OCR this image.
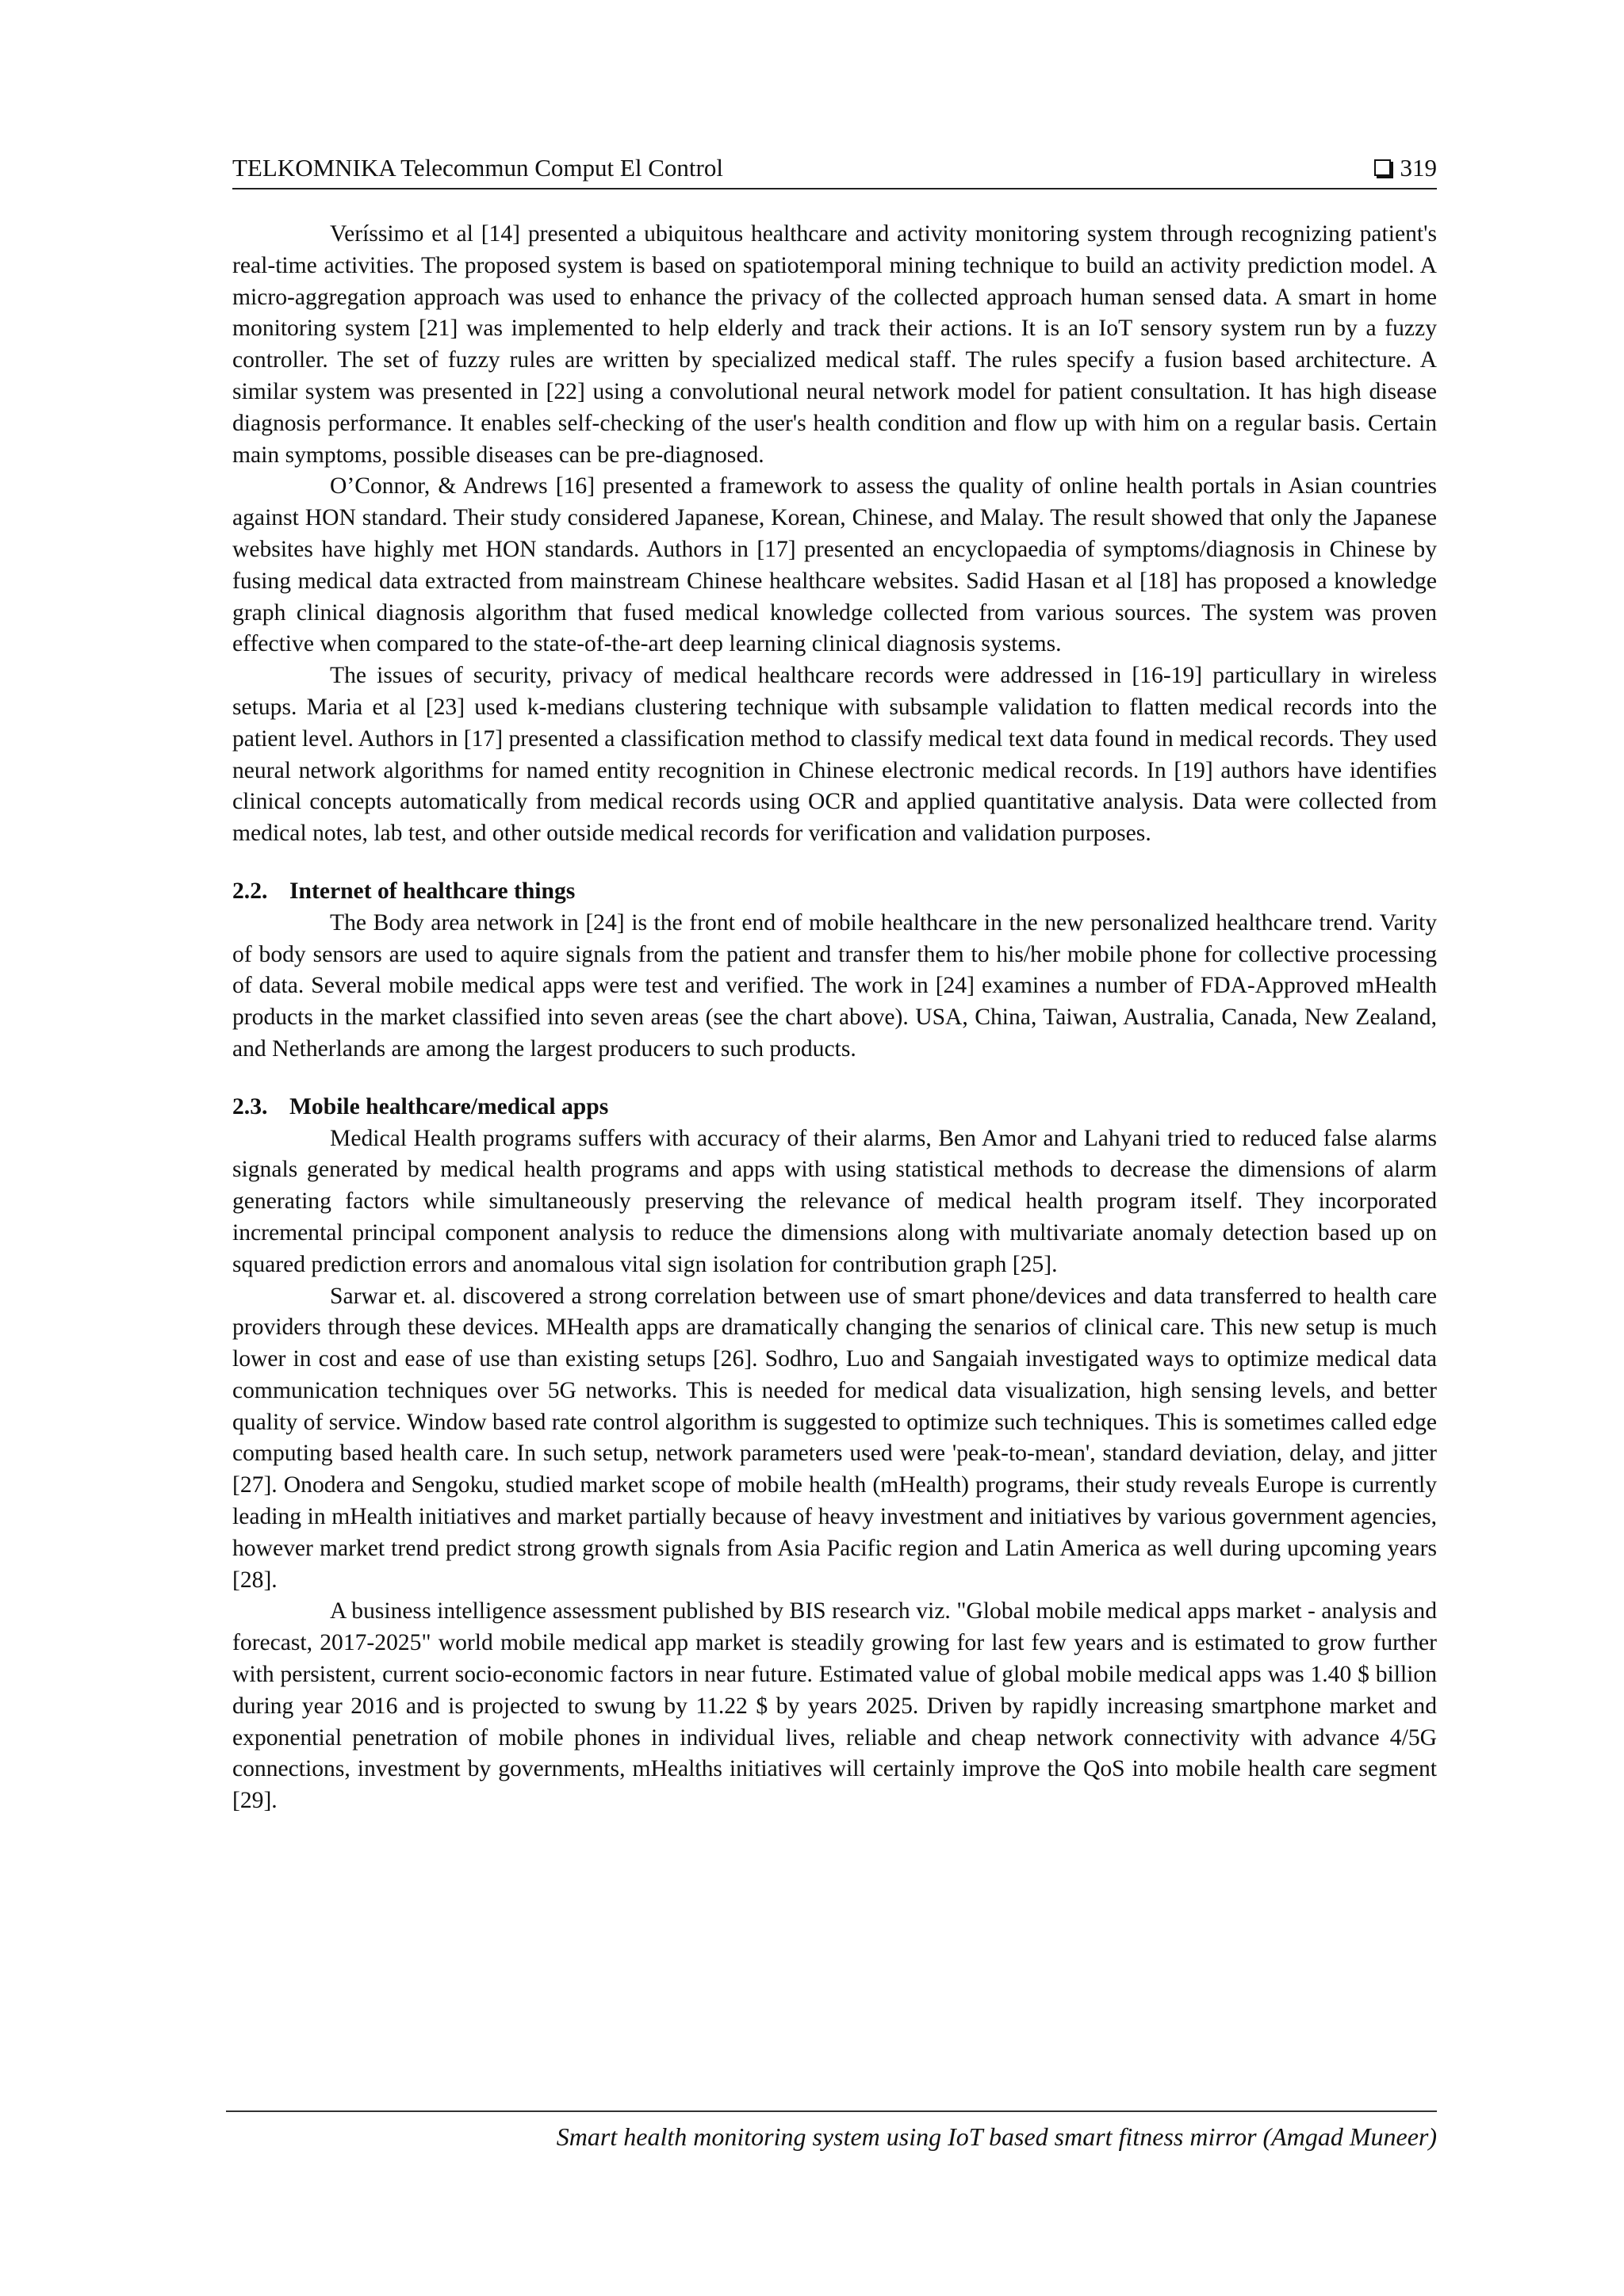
TELKOMNIKA Telecommun Comput El Control	319

Veríssimo et al [14] presented a ubiquitous healthcare and activity monitoring system through recognizing patient's real-time activities. The proposed system is based on spatiotemporal mining technique to build an activity prediction model. A micro-aggregation approach was used to enhance the privacy of the collected approach human sensed data. A smart in home monitoring system [21] was implemented to help elderly and track their actions. It is an IoT sensory system run by a fuzzy controller. The set of fuzzy rules are written by specialized medical staff. The rules specify a fusion based architecture. A similar system was presented in [22] using a convolutional neural network model for patient consultation. It has high disease diagnosis performance. It enables self-checking of the user's health condition and flow up with him on a regular basis. Certain main symptoms, possible diseases can be pre-diagnosed.

O’Connor, & Andrews [16] presented a framework to assess the quality of online health portals in Asian countries against HON standard. Their study considered Japanese, Korean, Chinese, and Malay. The result showed that only the Japanese websites have highly met HON standards. Authors in [17] presented an encyclopaedia of symptoms/diagnosis in Chinese by fusing medical data extracted from mainstream Chinese healthcare websites. Sadid Hasan et al [18] has proposed a knowledge graph clinical diagnosis algorithm that fused medical knowledge collected from various sources. The system was proven effective when compared to the state-of-the-art deep learning clinical diagnosis systems.

The issues of security, privacy of medical healthcare records were addressed in [16-19] particullary in wireless setups. Maria et al [23] used k-medians clustering technique with subsample validation to flatten medical records into the patient level. Authors in [17] presented a classification method to classify medical text data found in medical records. They used neural network algorithms for named entity recognition in Chinese electronic medical records. In [19] authors have identifies clinical concepts automatically from medical records using OCR and applied quantitative analysis. Data were collected from medical notes, lab test, and other outside medical records for verification and validation purposes.

2.2. Internet of healthcare things

The Body area network in [24] is the front end of mobile healthcare in the new personalized healthcare trend. Varity of body sensors are used to aquire signals from the patient and transfer them to his/her mobile phone for collective processing of data. Several mobile medical apps were test and verified. The work in [24] examines a number of FDA-Approved mHealth products in the market classified into seven areas (see the chart above). USA, China, Taiwan, Australia, Canada, New Zealand, and Netherlands are among the largest producers to such products.

2.3. Mobile healthcare/medical apps

Medical Health programs suffers with accuracy of their alarms, Ben Amor and Lahyani tried to reduced false alarms signals generated by medical health programs and apps with using statistical methods to decrease the dimensions of alarm generating factors while simultaneously preserving the relevance of medical health program itself. They incorporated incremental principal component analysis to reduce the dimensions along with multivariate anomaly detection based up on squared prediction errors and anomalous vital sign isolation for contribution graph [25].

Sarwar et. al. discovered a strong correlation between use of smart phone/devices and data transferred to health care providers through these devices. MHealth apps are dramatically changing the senarios of clinical care. This new setup is much lower in cost and ease of use than existing setups [26]. Sodhro, Luo and Sangaiah investigated ways to optimize medical data communication techniques over 5G networks. This is needed for medical data visualization, high sensing levels, and better quality of service. Window based rate control algorithm is suggested to optimize such techniques. This is sometimes called edge computing based health care. In such setup, network parameters used were 'peak-to-mean', standard deviation, delay, and jitter [27]. Onodera and Sengoku, studied market scope of mobile health (mHealth) programs, their study reveals Europe is currently leading in mHealth initiatives and market partially because of heavy investment and initiatives by various government agencies, however market trend predict strong growth signals from Asia Pacific region and Latin America as well during upcoming years [28].

A business intelligence assessment published by BIS research viz. "Global mobile medical apps market - analysis and forecast, 2017-2025" world mobile medical app market is steadily growing for last few years and is estimated to grow further with persistent, current socio-economic factors in near future. Estimated value of global mobile medical apps was 1.40 $ billion during year 2016 and is projected to swung by 11.22 $ by years 2025. Driven by rapidly increasing smartphone market and exponential penetration of mobile phones in individual lives, reliable and cheap network connectivity with advance 4/5G connections, investment by governments, mHealths initiatives will certainly improve the QoS into mobile health care segment [29].

Smart health monitoring system using IoT based smart fitness mirror (Amgad Muneer)
